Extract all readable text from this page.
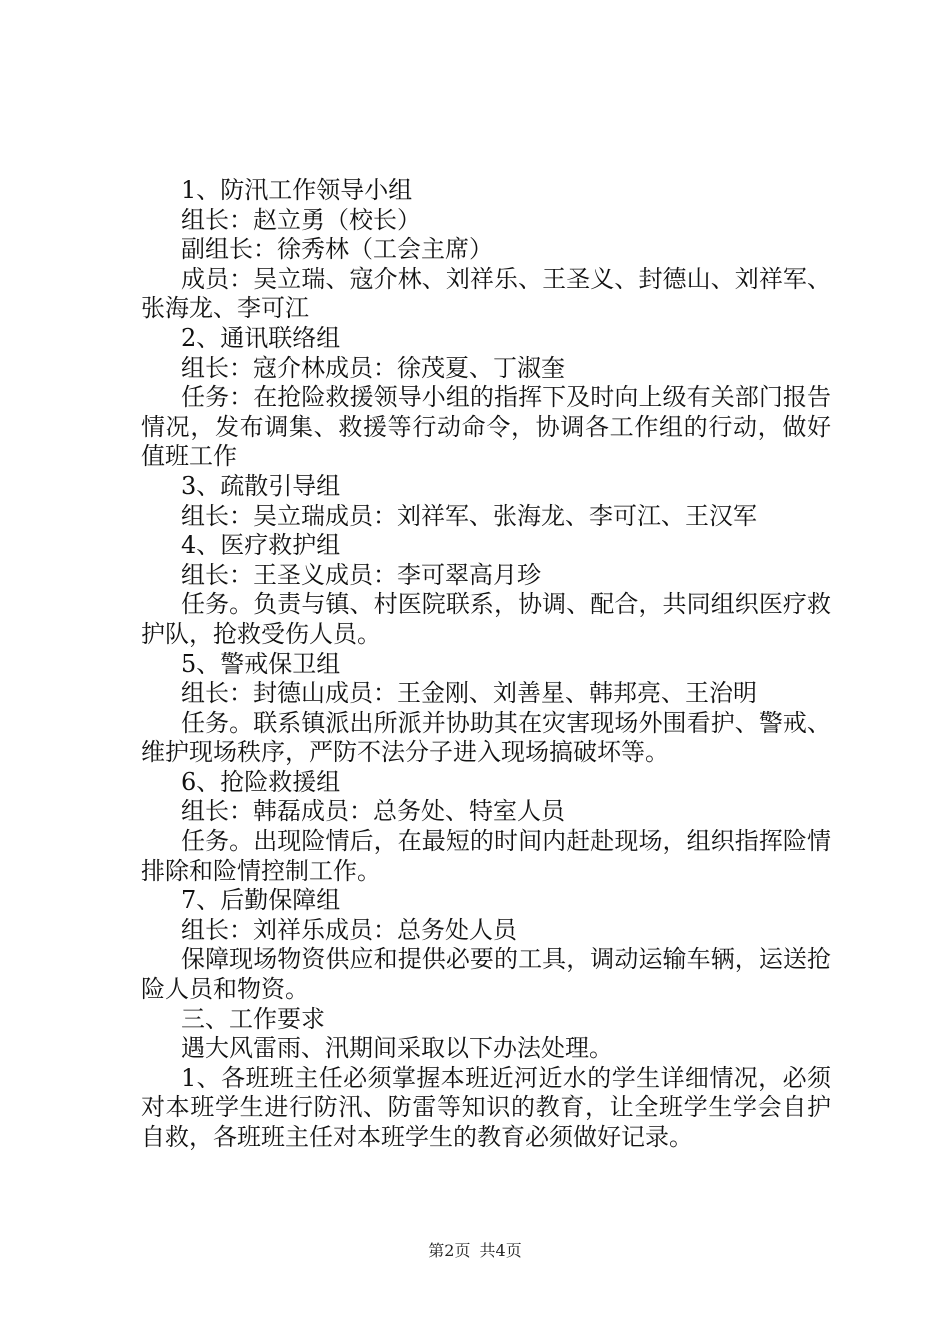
1、防汛工作领导小组

组长：赵立勇（校长）

副组长：徐秀林（工会主席）

成员：吴立瑞、寇介林、刘祥乐、王圣义、封德山、刘祥军、张海龙、李可江

2、通讯联络组

组长：寇介林成员：徐茂夏、丁淑奎

任务：在抢险救援领导小组的指挥下及时向上级有关部门报告情况，发布调集、救援等行动命令，协调各工作组的行动，做好值班工作

3、疏散引导组

组长：吴立瑞成员：刘祥军、张海龙、李可江、王汉军

4、医疗救护组

组长：王圣义成员：李可翠高月珍

任务。负责与镇、村医院联系，协调、配合，共同组织医疗救护队，抢救受伤人员。

5、警戒保卫组

组长：封德山成员：王金刚、刘善星、韩邦亮、王治明

任务。联系镇派出所派并协助其在灾害现场外围看护、警戒、维护现场秩序，严防不法分子进入现场搞破坏等。

6、抢险救援组

组长：韩磊成员：总务处、特室人员

任务。出现险情后，在最短的时间内赶赴现场，组织指挥险情排除和险情控制工作。

7、后勤保障组

组长：刘祥乐成员：总务处人员

保障现场物资供应和提供必要的工具，调动运输车辆，运送抢险人员和物资。

三、工作要求

遇大风雷雨、汛期间采取以下办法处理。

1、各班班主任必须掌握本班近河近水的学生详细情况，必须对本班学生进行防汛、防雷等知识的教育，让全班学生学会自护自救，各班班主任对本班学生的教育必须做好记录。

第2页 共4页
